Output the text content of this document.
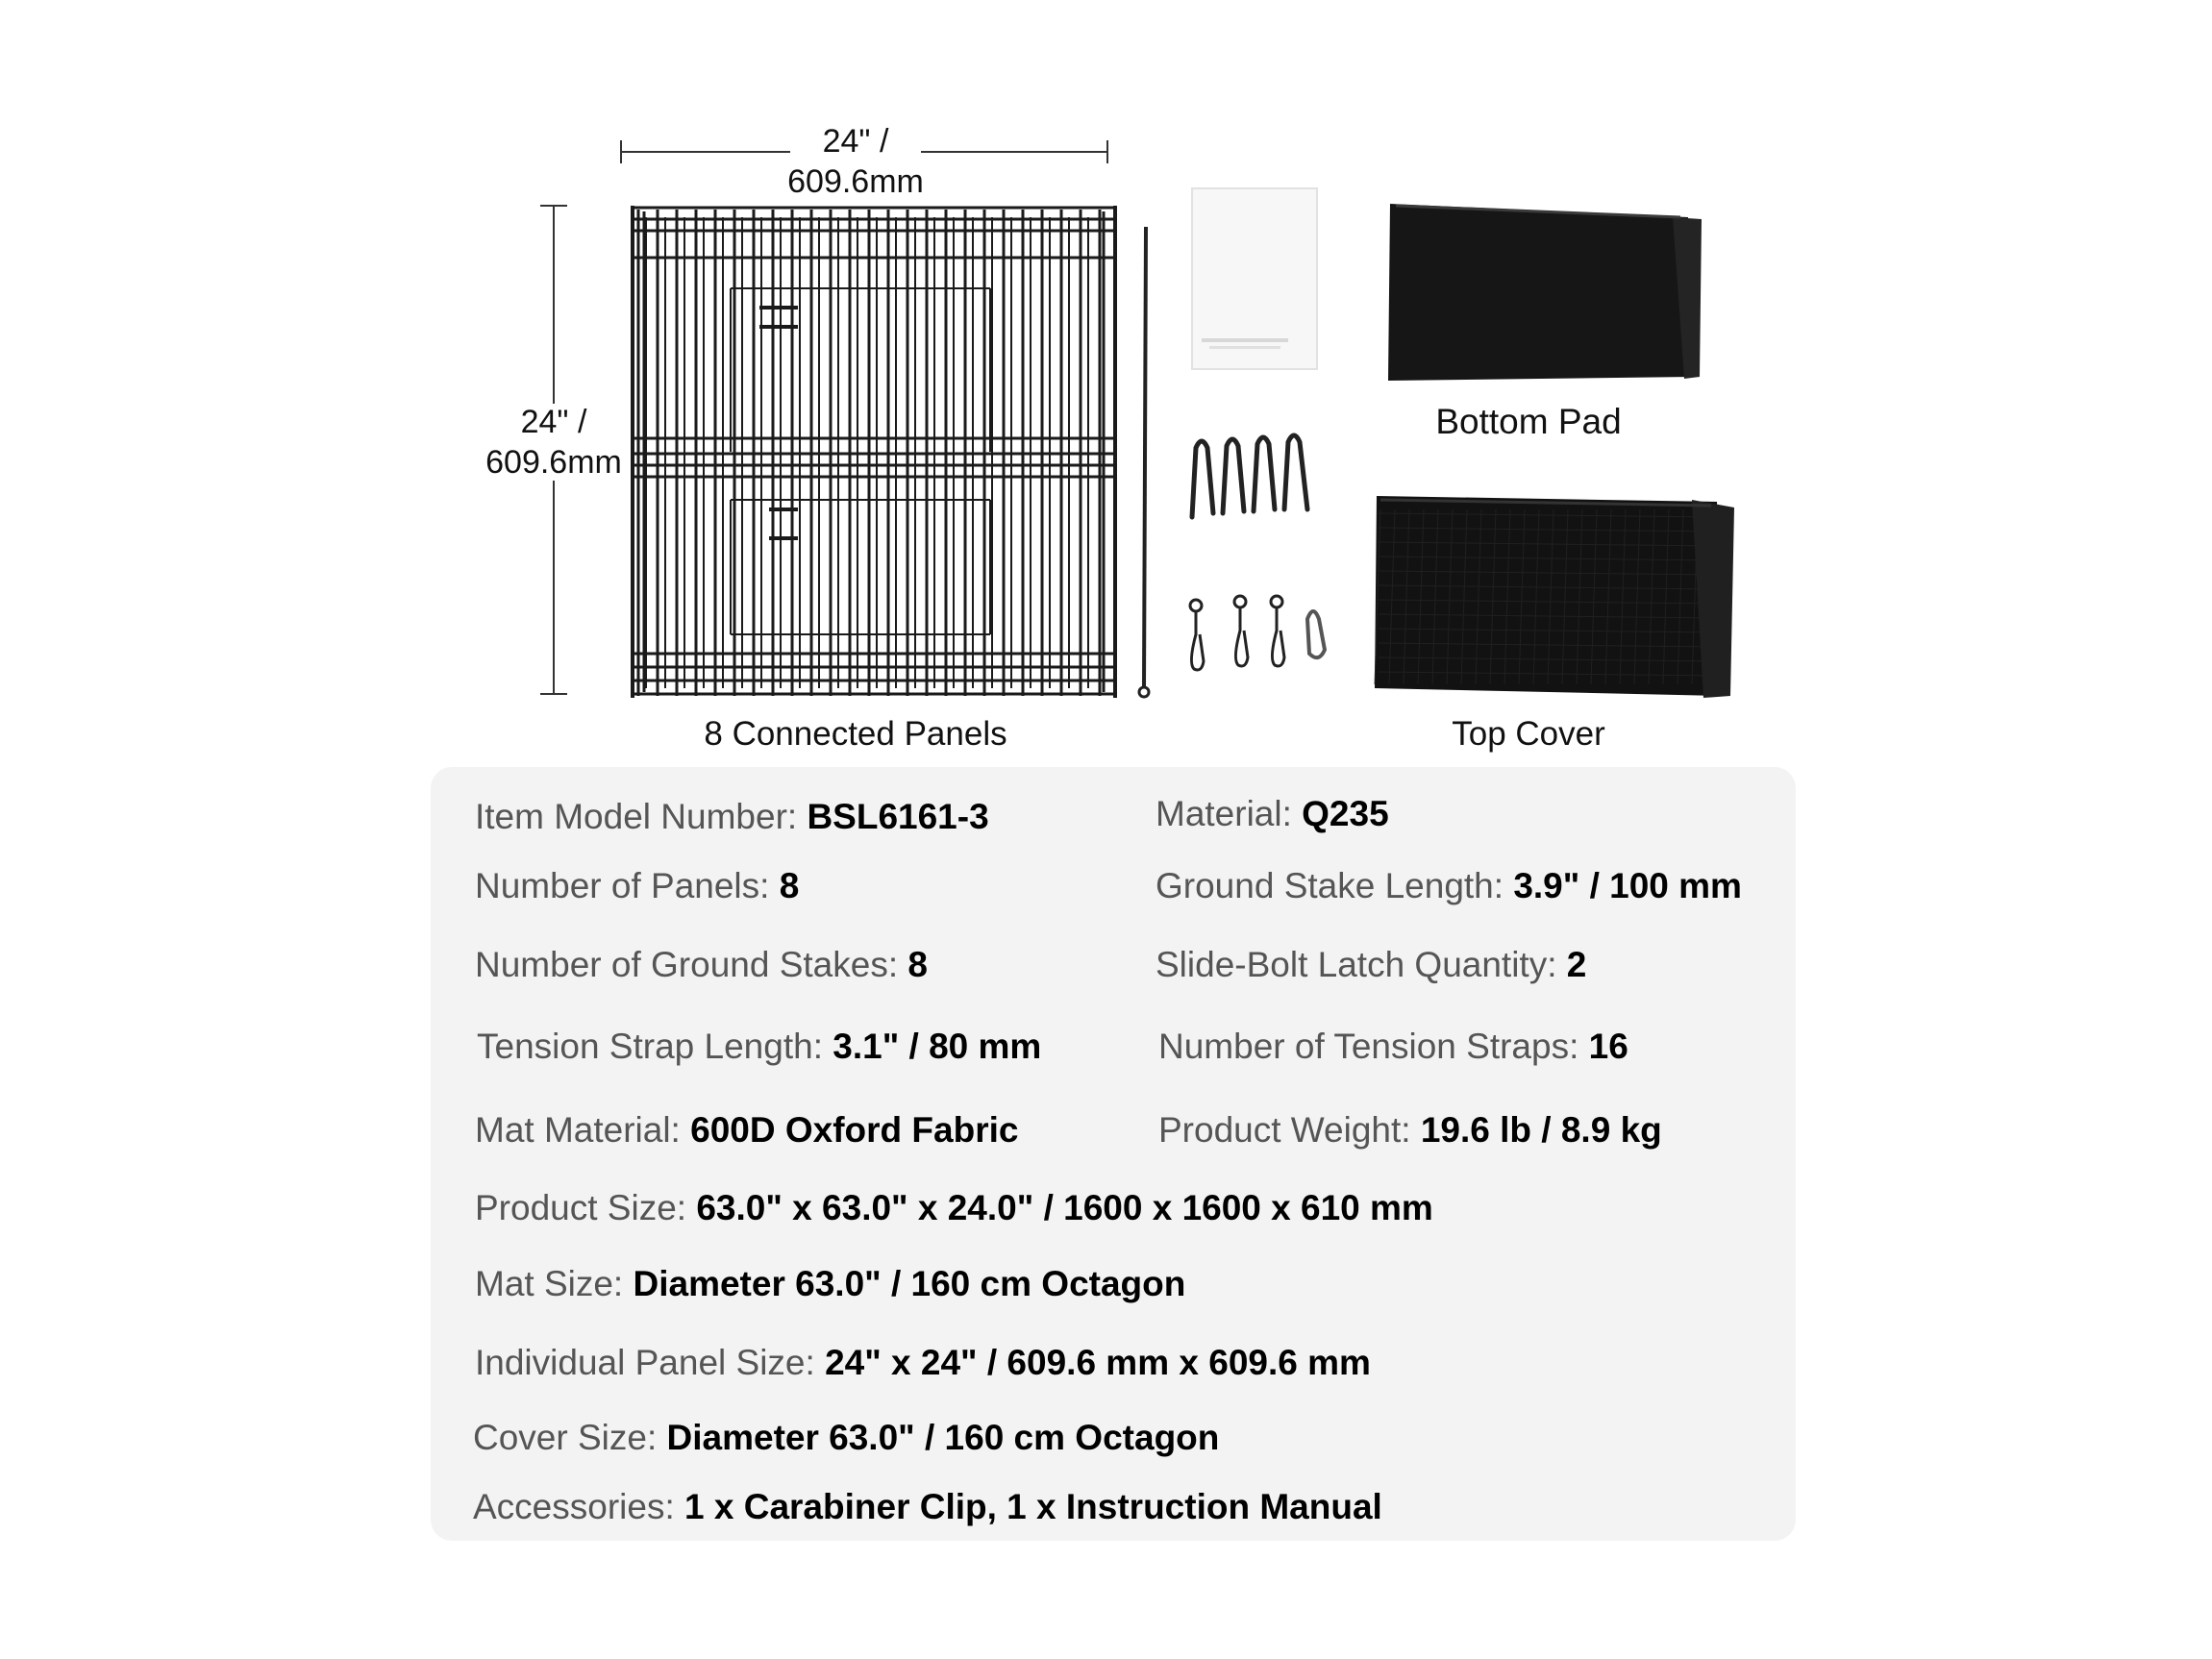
24" /
609.6mm
24" /
609.6mm
8 Connected Panels
Bottom Pad
Top Cover
Item Model Number: BSL6161-3	Material: Q235
Number of Panels: 8	Ground Stake Length: 3.9" / 100 mm
Number of Ground Stakes: 8	Slide-Bolt Latch Quantity: 2
Tension Strap Length: 3.1" / 80 mm	Number of Tension Straps: 16
Mat Material: 600D Oxford Fabric	Product Weight: 19.6 lb / 8.9 kg
Product Size: 63.0" x 63.0" x 24.0" / 1600 x 1600 x 610 mm
Mat Size: Diameter 63.0" / 160 cm Octagon
Individual Panel Size: 24" x 24" / 609.6 mm x 609.6 mm
Cover Size: Diameter 63.0" / 160 cm Octagon
Accessories: 1 x Carabiner Clip, 1 x Instruction Manual
